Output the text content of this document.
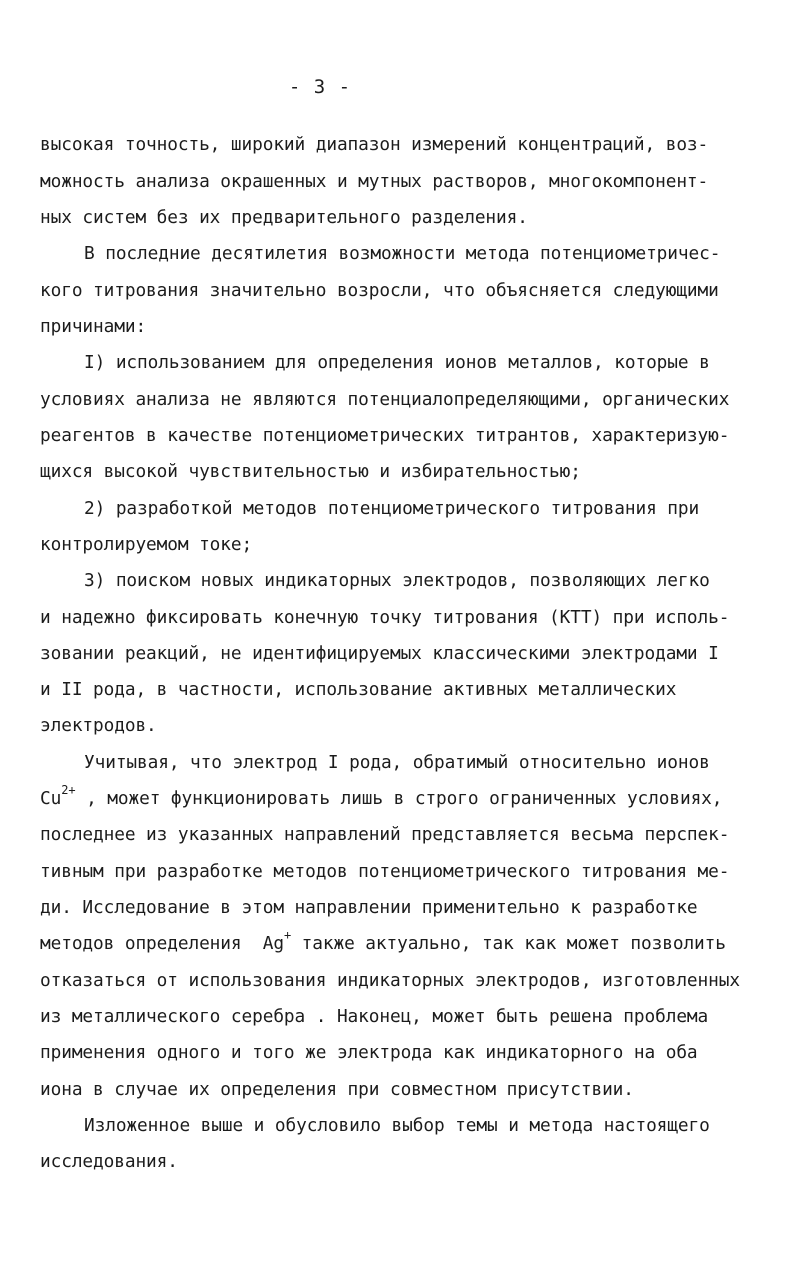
- 3 -
высокая точность, широкий диапазон измерений концентраций, воз-
можность анализа окрашенных и мутных растворов, многокомпонент-
ных систем без их предварительного разделения.
В последние десятилетия возможности метода потенциометричес-
кого титрования значительно возросли, что объясняется следующими
причинами:
I) использованием для определения ионов металлов, которые в
условиях анализа не являются потенциалопределяющими, органических
реагентов в качестве потенциометрических титрантов, характеризую-
щихся высокой чувствительностью и избирательностью;
2) разработкой методов потенциометрического титрования при
контролируемом токе;
3) поиском новых индикаторных электродов, позволяющих легко
и надежно фиксировать конечную точку титрования (КТТ) при исполь-
зовании реакций, не идентифицируемых классическими электродами I
и II рода, в частности, использование активных металлических
электродов.
Учитывая, что электрод I рода, обратимый относительно ионов
$Cu^{2+}$ , может функционировать лишь в строго ограниченных условиях,
последнее из указанных направлений представляется весьма перспек-
тивным при разработке методов потенциометрического титрования ме-
ди. Исследование в этом направлении применительно к разработке
методов определения  Ag+ также актуально, так как может позволить
отказаться от использования индикаторных электродов, изготовленных
из металлического серебра . Наконец, может быть решена проблема
применения одного и того же электрода как индикаторного на оба
иона в случае их определения при совместном присутствии.
Изложенное выше и обусловило выбор темы и метода настоящего
исследования.
